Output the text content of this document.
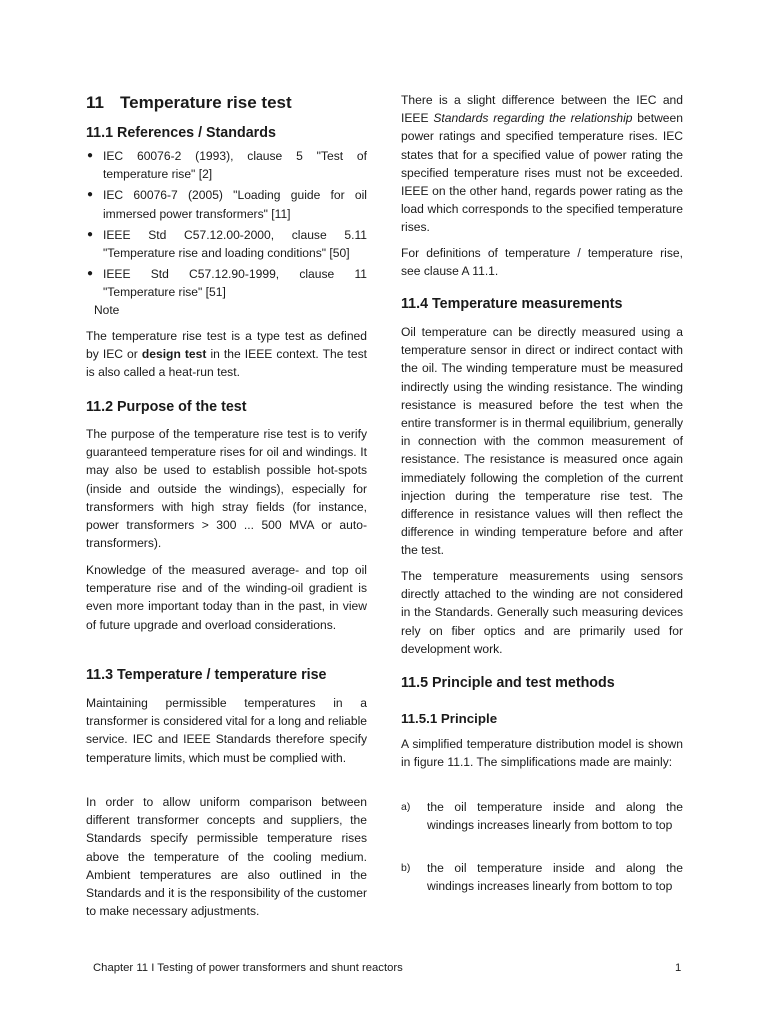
11 Temperature rise test
11.1 References / Standards
● IEC 60076-2 (1993), clause 5 "Test of temperature rise" [2]
● IEC 60076-7 (2005) "Loading guide for oil immersed power transformers" [11]
● IEEE Std C57.12.00-2000, clause 5.11 "Temperature rise and loading conditions" [50]
● IEEE Std C57.12.90-1999, clause 11 "Temperature rise" [51]
Note

The temperature rise test is a type test as defined by IEC or design test in the IEEE context. The test is also called a heat-run test.

11.2 Purpose of the test

The purpose of the temperature rise test is to verify guaranteed temperature rises for oil and windings. It may also be used to establish possible hot-spots (inside and outside the windings), especially for transformers with high stray fields (for instance, power transformers > 300 ... 500 MVA or auto-transformers).

Knowledge of the measured average- and top oil temperature rise and of the winding-oil gradient is even more important today than in the past, in view of future upgrade and overload considerations.

11.3 Temperature / temperature rise

Maintaining permissible temperatures in a transformer is considered vital for a long and reliable service. IEC and IEEE Standards therefore specify temperature limits, which must be complied with.

In order to allow uniform comparison between different transformer concepts and suppliers, the Standards specify permissible temperature rises above the temperature of the cooling medium. Ambient temperatures are also outlined in the Standards and it is the responsibility of the customer to make necessary adjustments.

There is a slight difference between the IEC and IEEE Standards regarding the relationship between power ratings and specified temperature rises. IEC states that for a specified value of power rating the specified temperature rises must not be exceeded. IEEE on the other hand, regards power rating as the load which corresponds to the specified temperature rises.

For definitions of temperature / temperature rise, see clause A 11.1.

11.4 Temperature measurements

Oil temperature can be directly measured using a temperature sensor in direct or indirect contact with the oil. The winding temperature must be measured indirectly using the winding resistance. The winding resistance is measured before the test when the entire transformer is in thermal equilibrium, generally in connection with the common measurement of resistance. The resistance is measured once again immediately following the completion of the current injection during the temperature rise test. The difference in resistance values will then reflect the difference in winding temperature before and after the test.

The temperature measurements using sensors directly attached to the winding are not considered in the Standards. Generally such measuring devices rely on fiber optics and are primarily used for development work.

11.5 Principle and test methods
11.5.1 Principle

A simplified temperature distribution model is shown in figure 11.1. The simplifications made are mainly:

a) the oil temperature inside and along the windings increases linearly from bottom to top
b) the oil temperature inside and along the windings increases linearly from bottom to top
Chapter 11 I Testing of power transformers and shunt reactors	1
